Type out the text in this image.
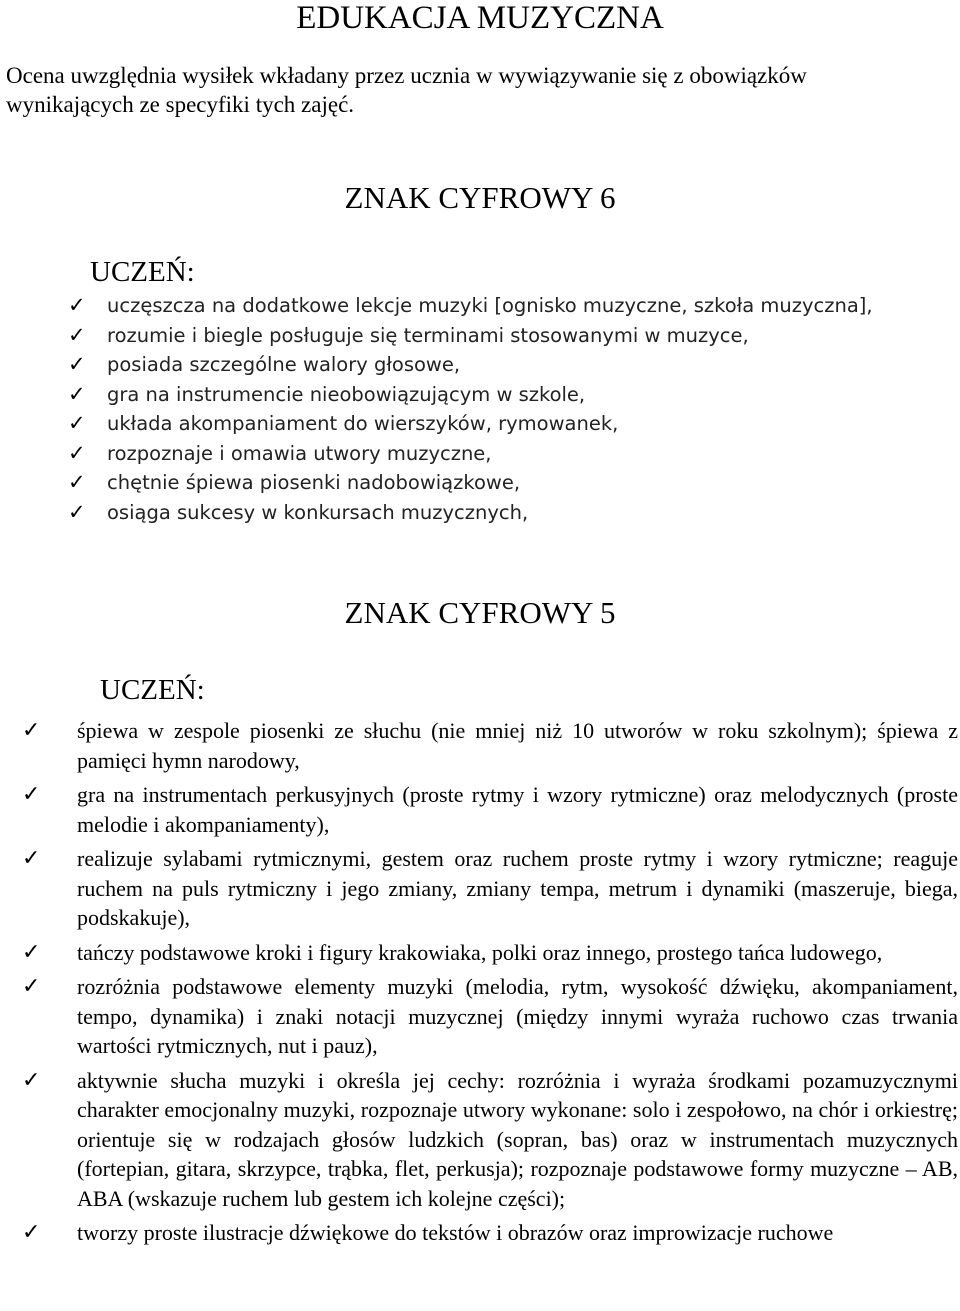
EDUKACJA MUZYCZNA

Ocena uwzględnia wysiłek wkładany przez ucznia w wywiązywanie się z obowiązków wynikających ze specyfiki tych zajęć.

ZNAK CYFROWY 6
UCZEŃ:
✓ uczęszcza na dodatkowe lekcje muzyki [ognisko muzyczne, szkoła muzyczna],
✓ rozumie i biegle posługuje się terminami stosowanymi w muzyce,
✓ posiada szczególne walory głosowe,
✓ gra na instrumencie nieobowiązującym w szkole,
✓ układa akompaniament do wierszyków, rymowanek,
✓ rozpoznaje i omawia utwory muzyczne,
✓ chętnie śpiewa piosenki nadobowiązkowe,
✓ osiąga sukcesy w konkursach muzycznych,
ZNAK CYFROWY 5
UCZEŃ:
✓ śpiewa w zespole piosenki ze słuchu (nie mniej niż 10 utworów w roku szkolnym); śpiewa z pamięci hymn narodowy,
✓ gra na instrumentach perkusyjnych (proste rytmy i wzory rytmiczne) oraz melodycznych (proste melodie i akompaniamenty),
✓ realizuje sylabami rytmicznymi, gestem oraz ruchem proste rytmy i wzory rytmiczne; reaguje ruchem na puls rytmiczny i jego zmiany, zmiany tempa, metrum i dynamiki (maszeruje, biega, podskakuje),
✓ tańczy podstawowe kroki i figury krakowiaka, polki oraz innego, prostego tańca ludowego,
✓ rozróżnia podstawowe elementy muzyki (melodia, rytm, wysokość dźwięku, akompaniament, tempo, dynamika) i znaki notacji muzycznej (między innymi wyraża ruchowo czas trwania wartości rytmicznych, nut i pauz),
✓ aktywnie słucha muzyki i określa jej cechy: rozróżnia i wyraża środkami pozamuzycznymi charakter emocjonalny muzyki, rozpoznaje utwory wykonane: solo i zespołowo, na chór i orkiestrę; orientuje się w rodzajach głosów ludzkich (sopran, bas) oraz w instrumentach muzycznych (fortepian, gitara, skrzypce, trąbka, flet, perkusja); rozpoznaje podstawowe formy muzyczne – AB, ABA (wskazuje ruchem lub gestem ich kolejne części);
✓ tworzy proste ilustracje dźwiękowe do tekstów i obrazów oraz improwizacje ruchowe
